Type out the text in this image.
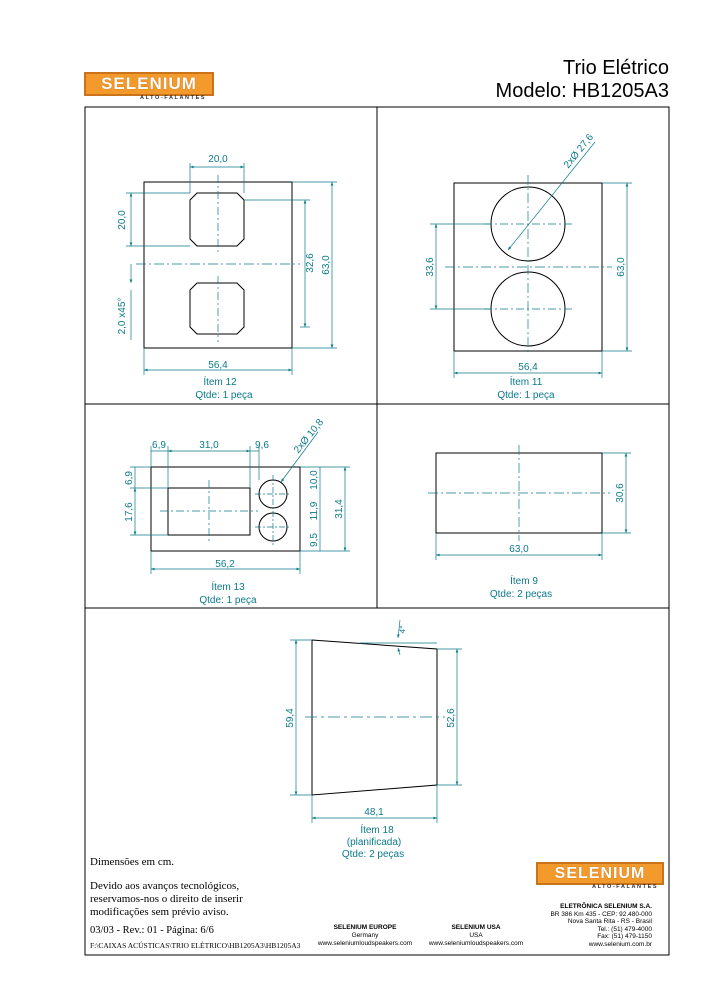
SELENIUM
ALTO-FALANTES
Trio Elétrico
Modelo: HB1205A3
20,0
20,0
2,0 x45°
32,6 63,0
56,4
Ítem 12
Qtde: 1 peça
2xØ 27,6
33,6	63,0
56,4
Ítem 11
Qtde: 1 peça
6,9	31,0	9,6 2xØ 10,8
6,9
17,6
10,0
11,9
9,5
31,4
56,2
Ítem 13
Qtde: 1 peça
30,6
63,0
Ítem 9
Qtde: 2 peças
4°
59,4	52,6
48,1
Ítem 18
(planificada)
Qtde: 2 peças
Dimensões em cm.
Devido aos avanços tecnológicos,
reservamos-nos o direito de inserir
modificações sem prévio aviso.
03/03 - Rev.: 01 - Página: 6/6
F:\CAIXAS ACÚSTICAS\TRIO ELÉTRICO\HB1205A3\HB1205A3
SELENIUM EUROPE
Germany
www.seleniumloudspeakers.com
SELENIUM USA
USA
www.seleniumloudspeakers.com
SELENIUM
ALTO-FALANTES
ELETRÔNICA SELENIUM S.A.
BR 386 Km 435 - CEP: 92.480-000
Nova Santa Rita - RS - Brasil
Tel.: (51) 479-4000
Fax: (51) 479-1150
www.selenium.com.br
